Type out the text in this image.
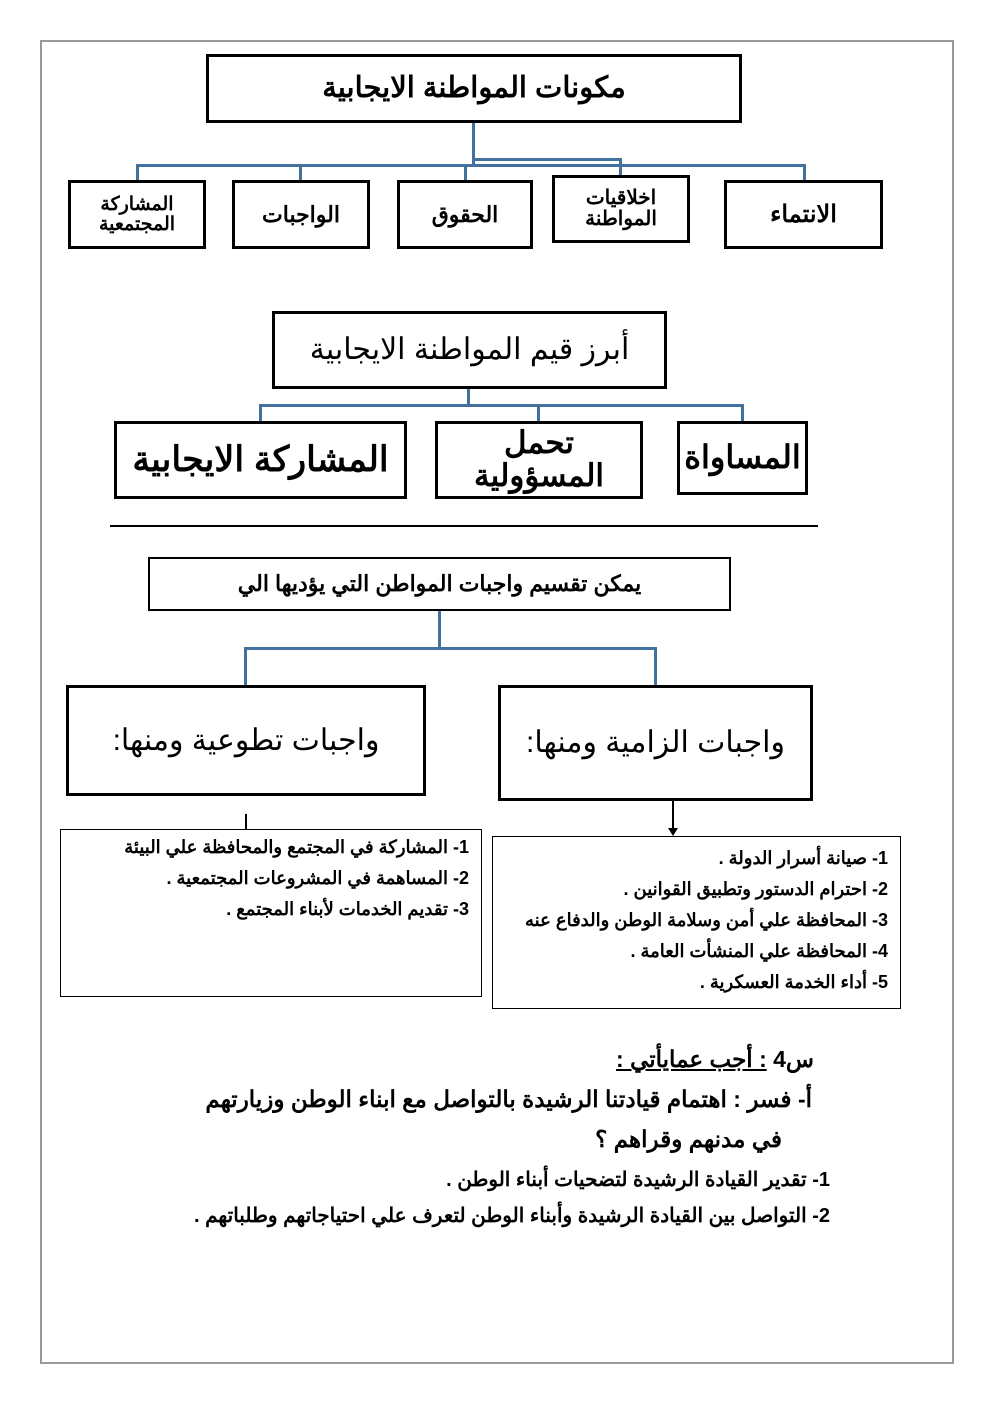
مكونات المواطنة الايجابية
الانتماء
اخلاقيات المواطنة
الحقوق
الواجبات
المشاركة المجتمعية
أبرز قيم المواطنة الايجابية
المساواة
تحمل المسؤولية
المشاركة الايجابية
يمكن تقسيم واجبات المواطن التي يؤديها الي
واجبات الزامية ومنها:
واجبات تطوعية ومنها:
1- صيانة أسرار الدولة .
2- احترام الدستور وتطبيق القوانين .
3- المحافظة علي أمن وسلامة الوطن والدفاع عنه
4- المحافظة علي المنشأت العامة .
5- أداء الخدمة العسكرية .
1- المشاركة في المجتمع والمحافظة علي البيئة
2- المساهمة في المشروعات المجتمعية .
3- تقديم الخدمات لأبناء المجتمع .
س4 : أجب عمايأتي :
أ- فسر : اهتمام قيادتنا الرشيدة بالتواصل مع ابناء الوطن وزيارتهم
في مدنهم وقراهم ؟
1- تقدير القيادة الرشيدة لتضحيات أبناء الوطن .
2- التواصل بين القيادة الرشيدة وأبناء الوطن لتعرف علي احتياجاتهم وطلباتهم .
